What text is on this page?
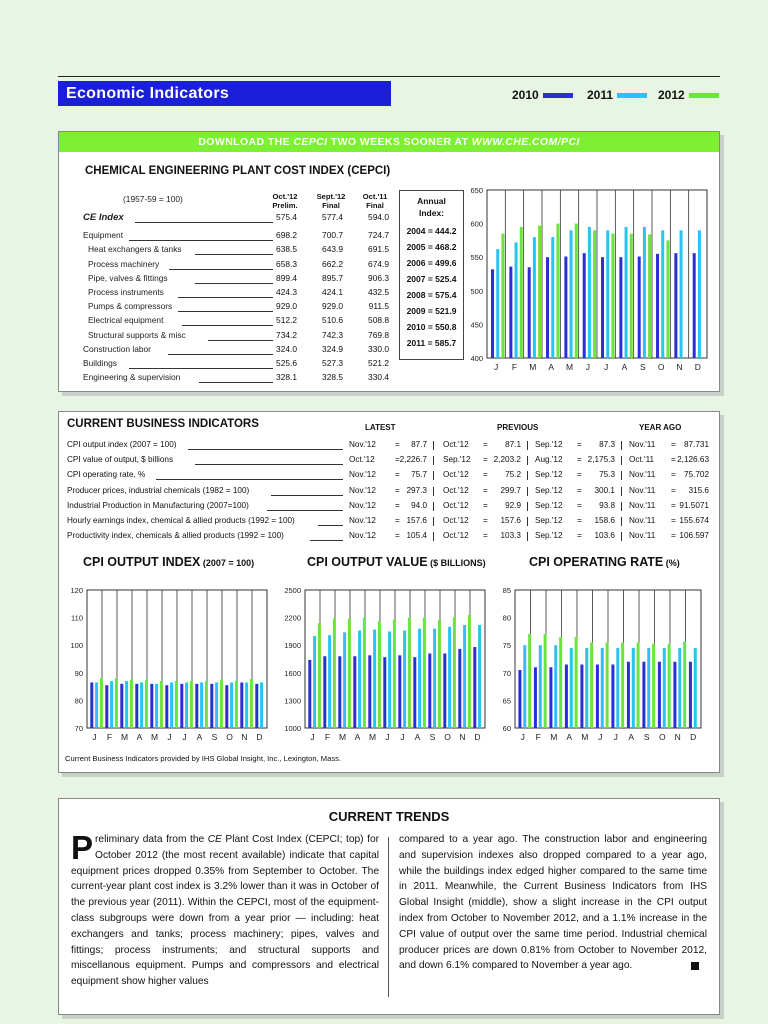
Economic Indicators	2010	2011	2012
DOWNLOAD THE CEPCI TWO WEEKS SOONER AT WWW.CHE.COM/PCI
CHEMICAL ENGINEERING PLANT COST INDEX (CEPCI)
(1957-59 = 100)	Oct.'12
Prelim.
Sept.'12
Final
Oct.'11
Final
CE Index	575.4	577.4	594.0
Equipment	698.2	700.7	724.7
Heat exchangers & tanks	638.5	643.9	691.5
Process machinery	658.3	662.2	674.9
Pipe, valves & fittings	899.4	895.7	906.3
Process instruments	424.3	424.1	432.5
Pumps & compressors	929.0	929.0	911.5
Electrical equipment	512.2	510.6	508.8
Structural supports & misc	734.2	742.3	769.8
Construction labor	324.0	324.9	330.0
Buildings	525.6	527.3	521.2
Engineering & supervision	328.1	328.5	330.4
Annual
Index:
2004 = 444.2
2005 = 468.2
2006 = 499.6
2007 = 525.4
2008 = 575.4
2009 = 521.9
2010 = 550.8
2011 = 585.7
650
600
550
500
450
400
J F M A M J J A S O N D
CURRENT BUSINESS INDICATORS	LATEST	PREVIOUS	YEAR AGO
CPI output index (2007 = 100)	Nov.'12 =	87.7 Oct.'12 =	87.1 Sep.'12 =	87.3 Nov.'11 = 87.731
CPI value of output, $ billions	Oct.'12 = 2,226.7 Sep.'12 = 2,203.2 Aug.'12 = 2,175.3 Oct.'11 = 2,126.63
CPI operating rate, %	Nov.'12 =	75.7 Oct.'12 =	75.2 Sep.'12 =	75.3 Nov.'11 = 75.702
Producer prices, industrial chemicals (1982 = 100)	Nov.'12 = 297.3 Oct.'12 =	299.7 Sep.'12 =	300.1 Nov.'11 =	315.6
Industrial Production in Manufacturing (2007=100)	Nov.'12 =	94.0 Oct.'12 =	92.9 Sep.'12 =	93.8 Nov.'11 = 91.5071
Hourly earnings index, chemical & allied products (1992 = 100)	Nov.'12 = 157.6 Oct.'12 =	157.6 Sep.'12 =	158.6 Nov.'11 = 155.674
Productivity index, chemicals & allied products (1992 = 100)	Nov.'12 = 105.4 Oct.'12 =	103.3 Sep.'12 =	103.6 Nov.'11 = 106.597
CPI OUTPUT INDEX (2007 = 100)	CPI OUTPUT VALUE ($ BILLIONS)	CPI OPERATING RATE (%)
120
110
100
90
80
70
J F M A M J J A S O N D
2500
2200
1900
1600
1300
1000
J F M A M J J A S O N D
85
80
75
70
65
60
J F M A M J J A S O N D
Current Business Indicators provided by IHS Global Insight, Inc., Lexington, Mass.
CURRENT TRENDS
Preliminary data from the CE Plant Cost Index (CEPCI; top) for October 2012 (the most recent available) indicate that capital equipment prices dropped 0.35% from September to October. The current-year plant cost index is 3.2% lower than it was in October of the previous year (2011). Within the CEPCI, most of the equipment-class subgroups were down from a year prior — including: heat exchangers and tanks; process machinery; pipes, valves and fittings; process instruments; and structural supports and miscellanous equipment. Pumps and compressors and electrical equipment show higher values
compared to a year ago. The construction labor and engineering and supervision indexes also dropped compared to a year ago, while the buildings index edged higher compared to the same time in 2011. Meanwhile, the Current Business Indicators from IHS Global Insight (middle), show a slight increase in the CPI output index from October to November 2012, and a 1.1% increase in the CPI value of output over the same time period. Industrial chemical producer prices are down 0.81% from October to November 2012, and down 6.1% compared to November a year ago.
